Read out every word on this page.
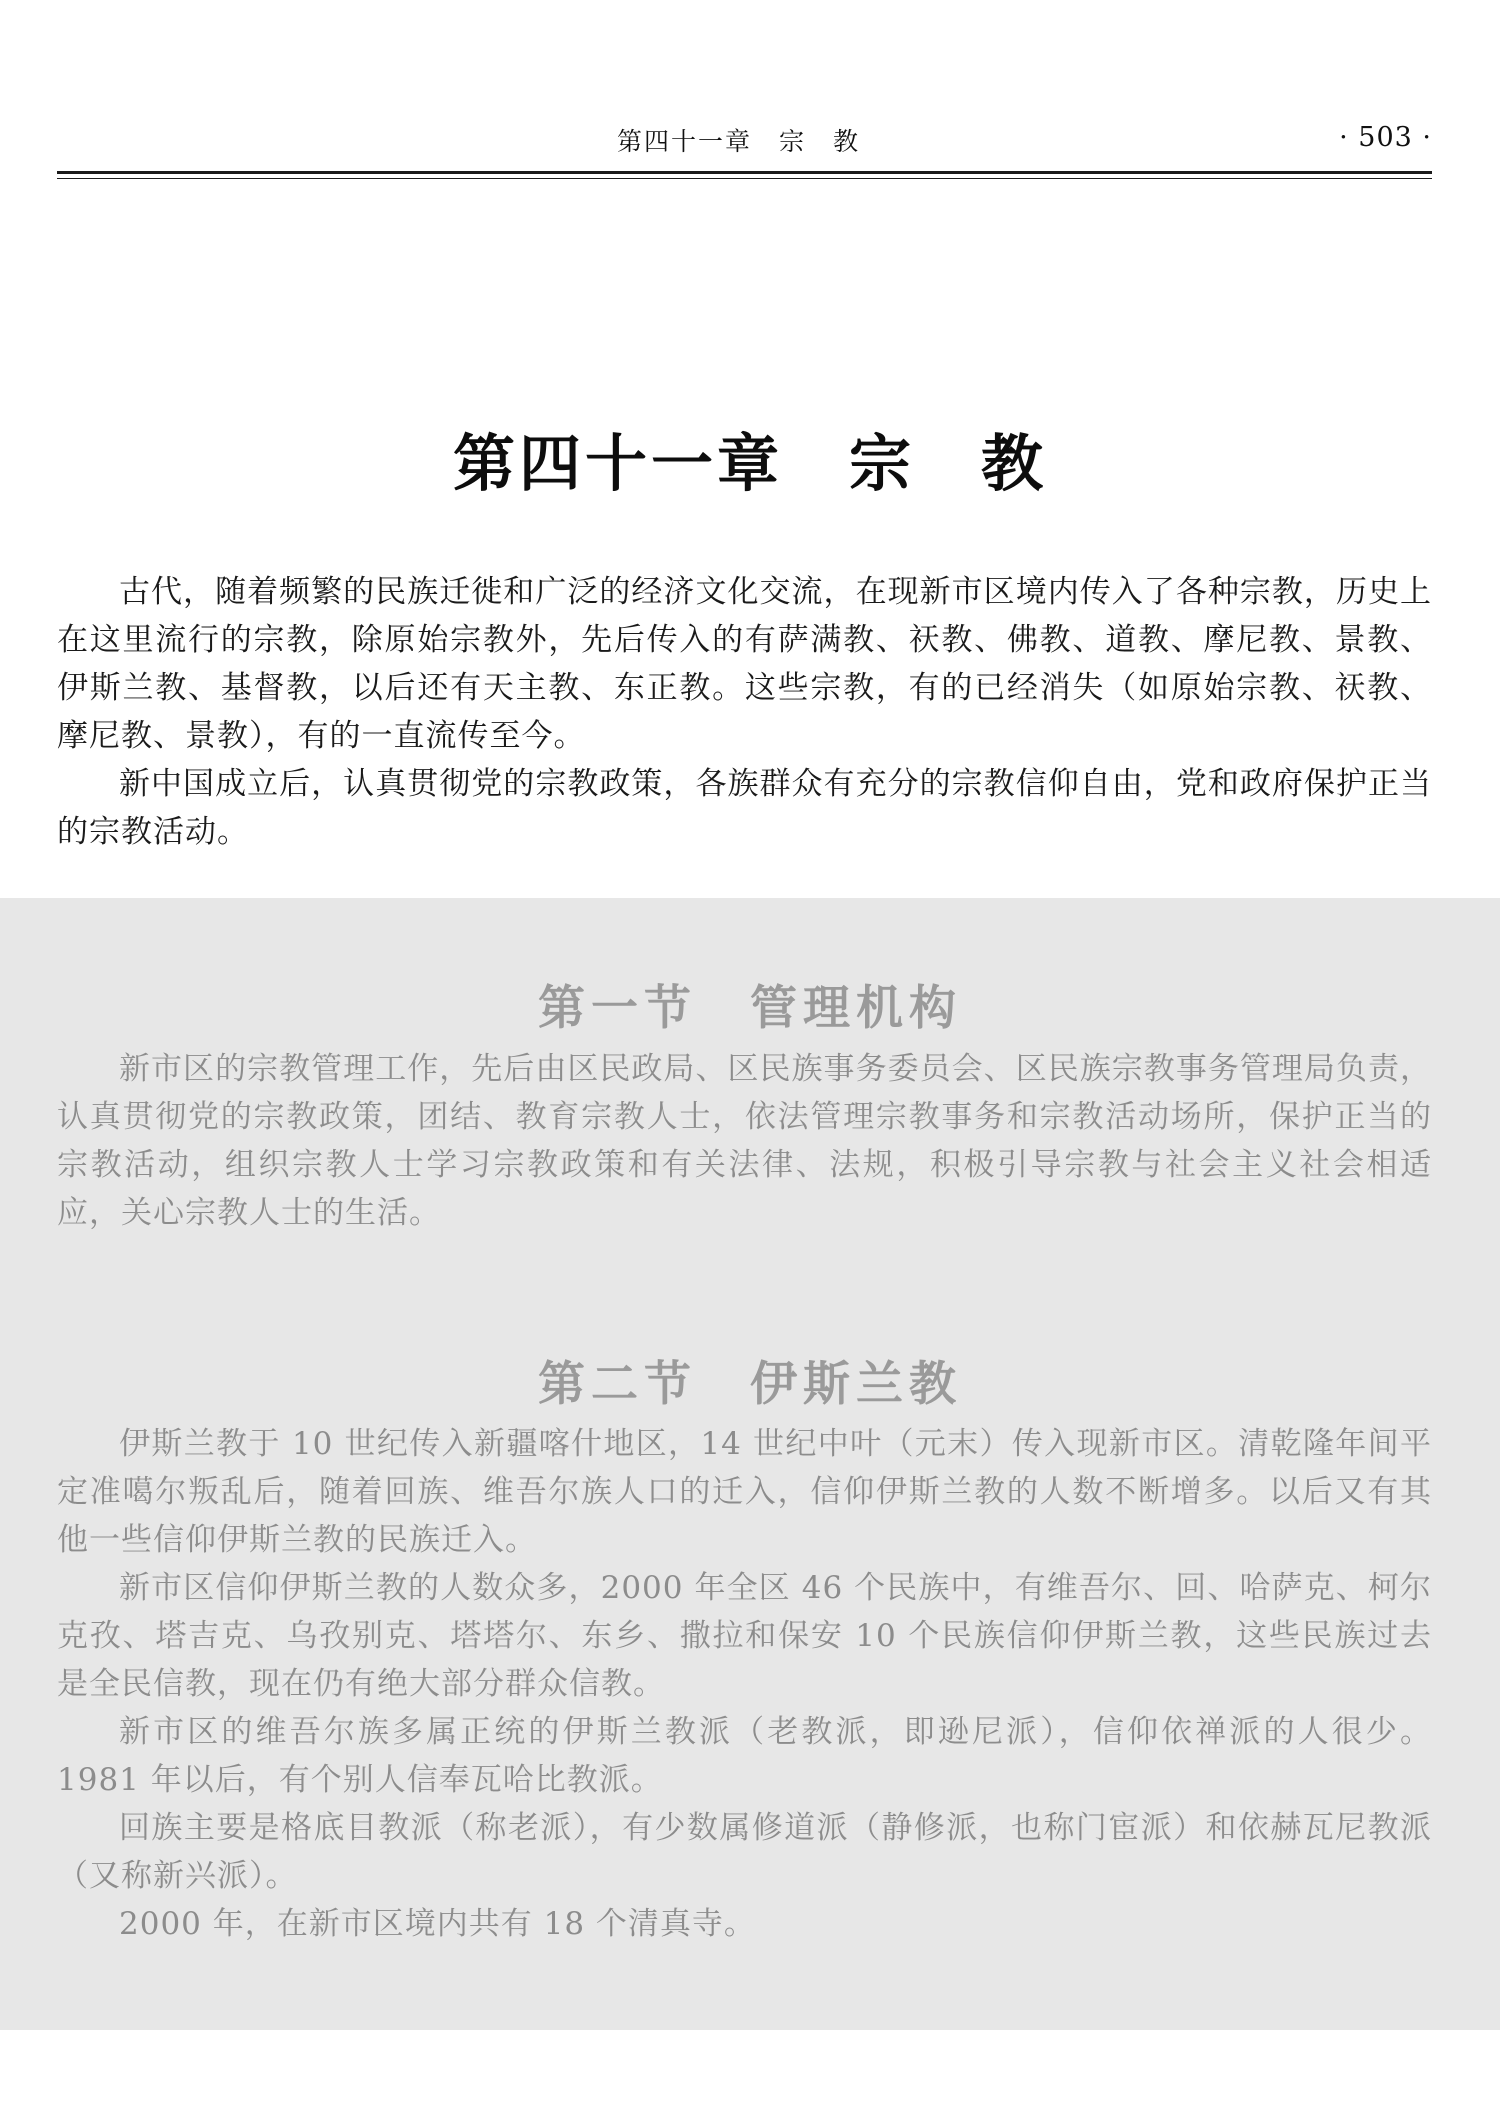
第四十一章　宗　教	· 503 ·
第四十一章　宗　教

古代，随着频繁的民族迁徙和广泛的经济文化交流，在现新市区境内传入了各种宗教，历史上在这里流行的宗教，除原始宗教外，先后传入的有萨满教、祆教、佛教、道教、摩尼教、景教、伊斯兰教、基督教，以后还有天主教、东正教。这些宗教，有的已经消失（如原始宗教、祆教、摩尼教、景教），有的一直流传至今。

新中国成立后，认真贯彻党的宗教政策，各族群众有充分的宗教信仰自由，党和政府保护正当的宗教活动。

第一节　管理机构

新市区的宗教管理工作，先后由区民政局、区民族事务委员会、区民族宗教事务管理局负责，认真贯彻党的宗教政策，团结、教育宗教人士，依法管理宗教事务和宗教活动场所，保护正当的宗教活动，组织宗教人士学习宗教政策和有关法律、法规，积极引导宗教与社会主义社会相适应，关心宗教人士的生活。

第二节　伊斯兰教

伊斯兰教于 10 世纪传入新疆喀什地区，14 世纪中叶（元末）传入现新市区。清乾隆年间平定准噶尔叛乱后，随着回族、维吾尔族人口的迁入，信仰伊斯兰教的人数不断增多。以后又有其他一些信仰伊斯兰教的民族迁入。

新市区信仰伊斯兰教的人数众多，2000 年全区 46 个民族中，有维吾尔、回、哈萨克、柯尔克孜、塔吉克、乌孜别克、塔塔尔、东乡、撒拉和保安 10 个民族信仰伊斯兰教，这些民族过去是全民信教，现在仍有绝大部分群众信教。

新市区的维吾尔族多属正统的伊斯兰教派（老教派，即逊尼派），信仰依禅派的人很少。1981 年以后，有个别人信奉瓦哈比教派。

回族主要是格底目教派（称老派），有少数属修道派（静修派，也称门宦派）和依赫瓦尼教派（又称新兴派）。

2000 年，在新市区境内共有 18 个清真寺。
